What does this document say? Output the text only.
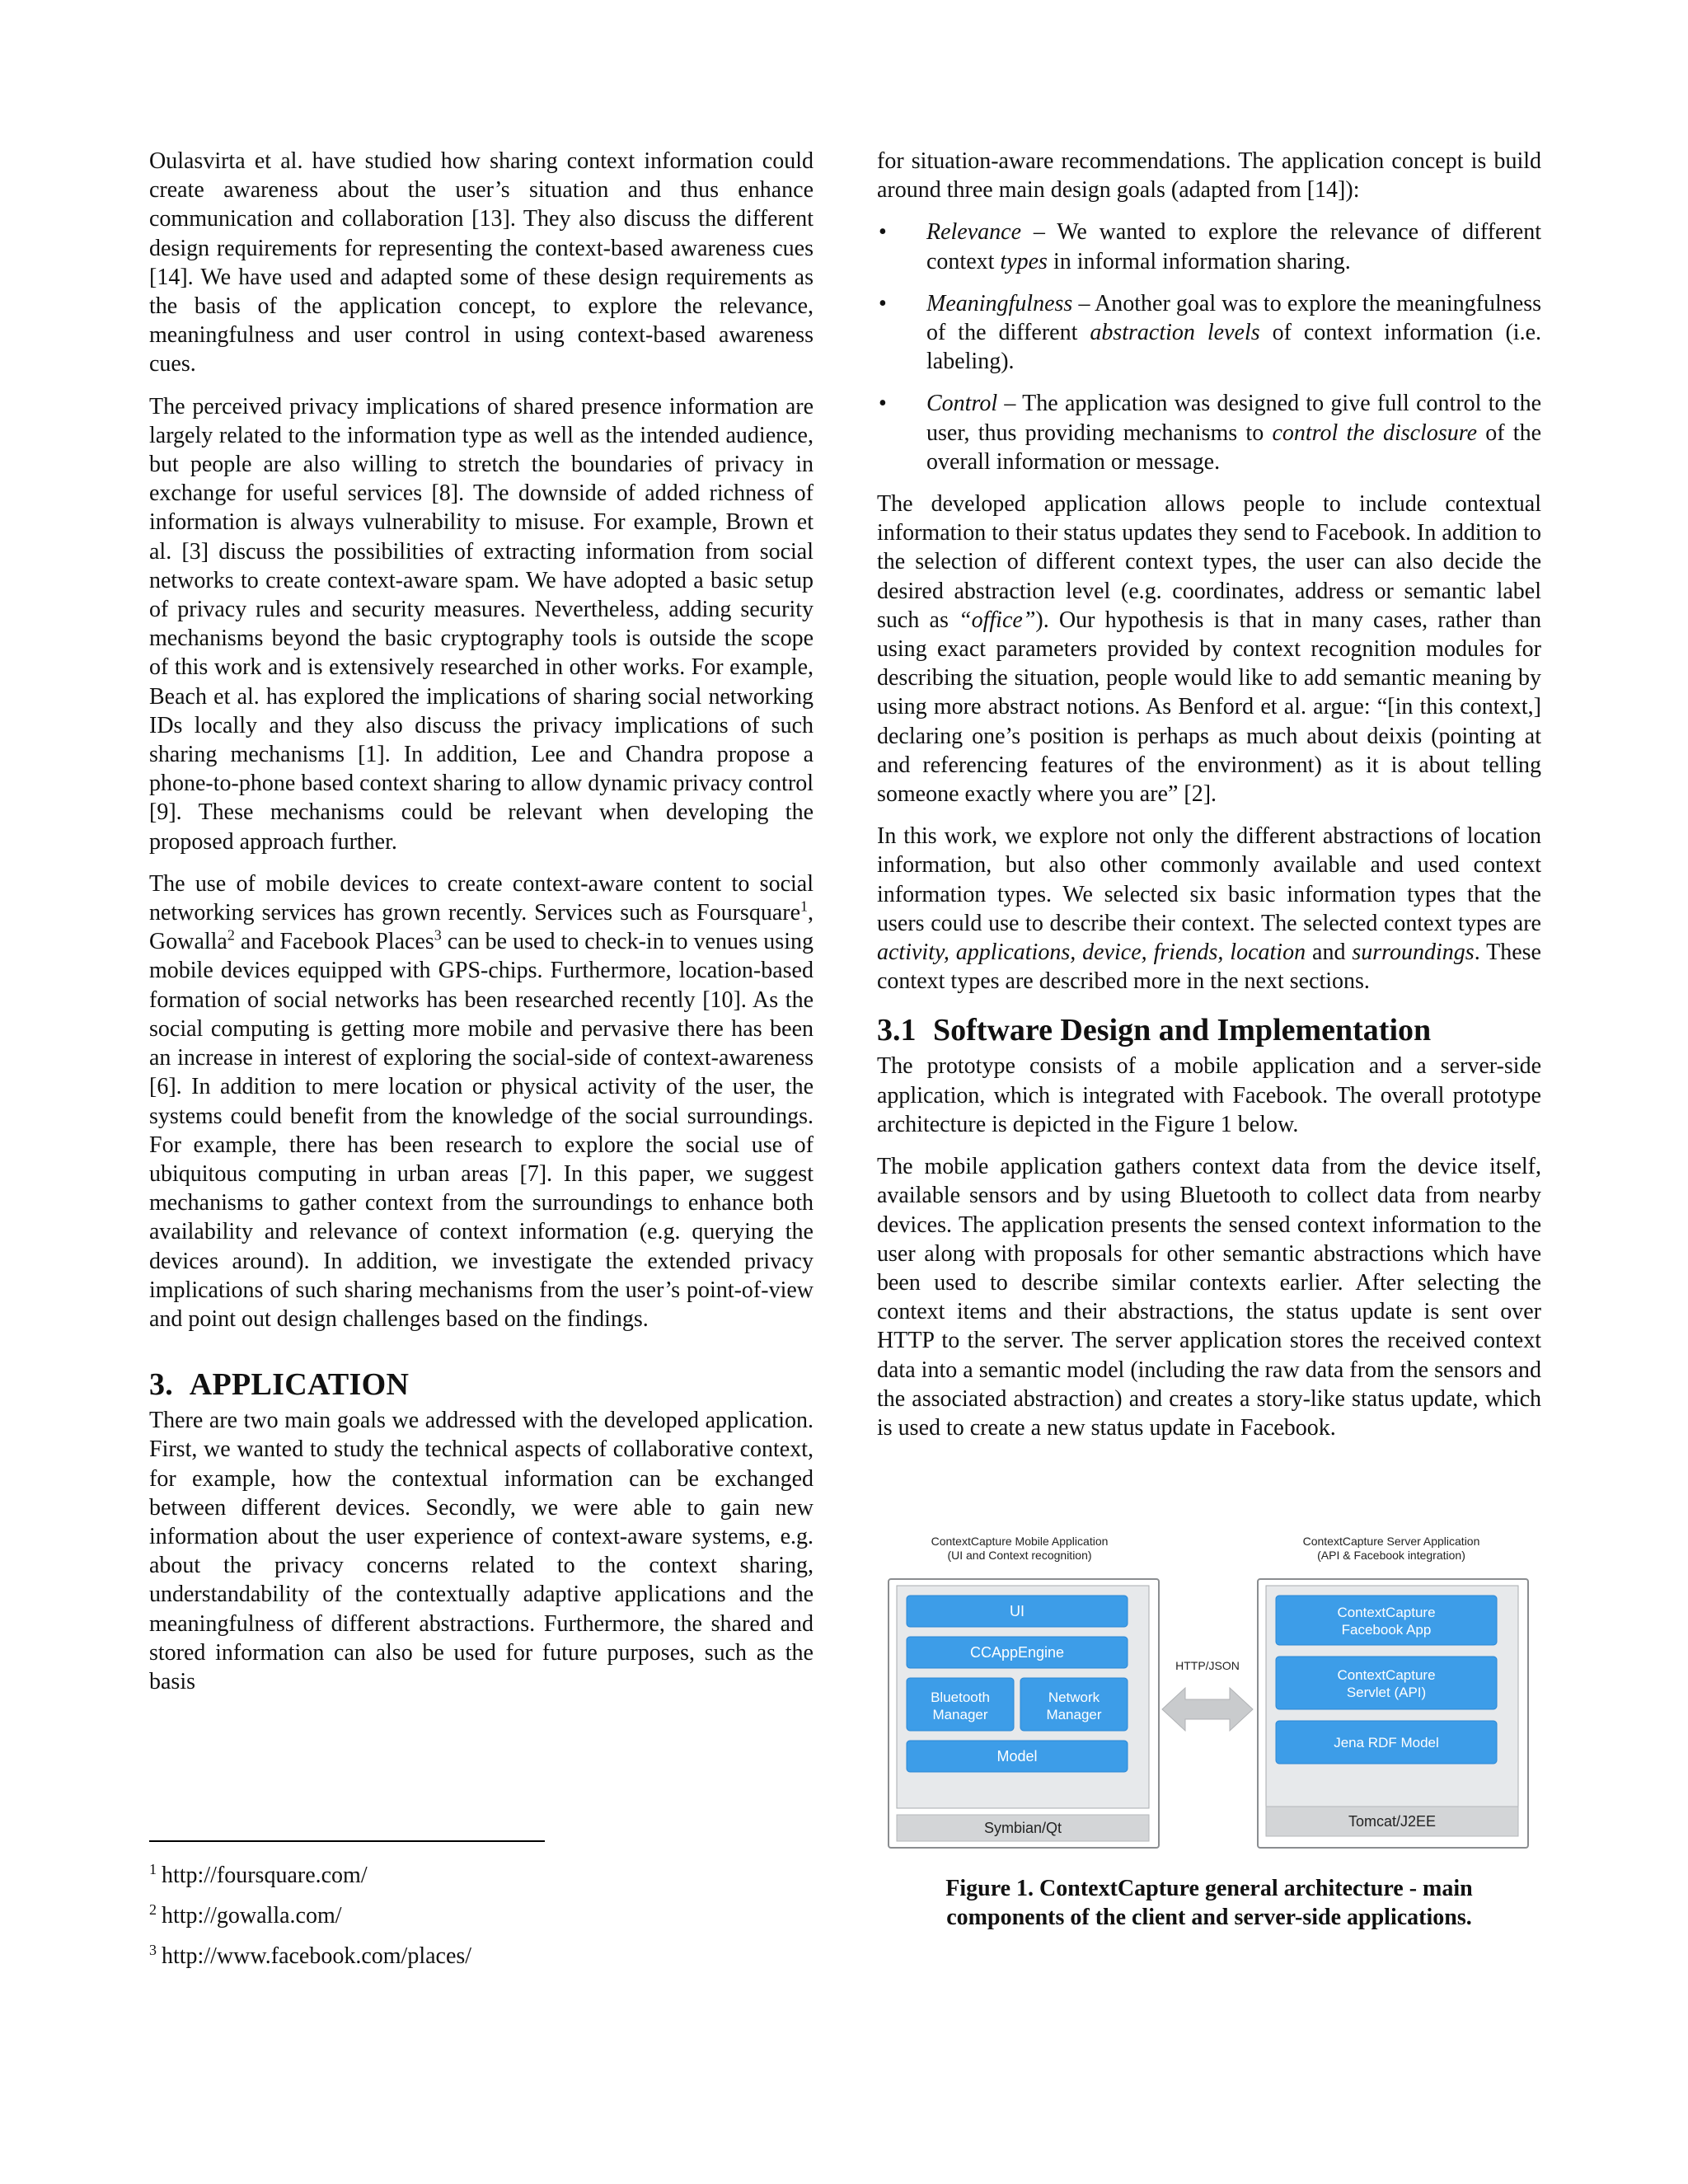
Oulasvirta et al. have studied how sharing context information could create awareness about the user’s situation and thus enhance communication and collaboration [13]. They also discuss the different design requirements for representing the context-based awareness cues [14]. We have used and adapted some of these design requirements as the basis of the application concept, to explore the relevance, meaningfulness and user control in using context-based awareness cues.

The perceived privacy implications of shared presence information are largely related to the information type as well as the intended audience, but people are also willing to stretch the boundaries of privacy in exchange for useful services [8]. The downside of added richness of information is always vulnerability to misuse. For example, Brown et al. [3] discuss the possibilities of extracting information from social networks to create context-aware spam. We have adopted a basic setup of privacy rules and security measures. Nevertheless, adding security mechanisms beyond the basic cryptography tools is outside the scope of this work and is extensively researched in other works. For example, Beach et al. has explored the implications of sharing social networking IDs locally and they also discuss the privacy implications of such sharing mechanisms [1]. In addition, Lee and Chandra propose a phone-to-phone based context sharing to allow dynamic privacy control [9]. These mechanisms could be relevant when developing the proposed approach further.

The use of mobile devices to create context-aware content to social networking services has grown recently. Services such as Foursquare$^1$, Gowalla$^2$ and Facebook Places$^3$ can be used to check-in to venues using mobile devices equipped with GPS-chips. Furthermore, location-based formation of social networks has been researched recently [10]. As the social computing is getting more mobile and pervasive there has been an increase in interest of exploring the social-side of context-awareness [6]. In addition to mere location or physical activity of the user, the systems could benefit from the knowledge of the social surroundings. For example, there has been research to explore the social use of ubiquitous computing in urban areas [7]. In this paper, we suggest mechanisms to gather context from the surroundings to enhance both availability and relevance of context information (e.g. querying the devices around). In addition, we investigate the extended privacy implications of such sharing mechanisms from the user’s point-of-view and point out design challenges based on the findings.

3.  APPLICATION

There are two main goals we addressed with the developed application. First, we wanted to study the technical aspects of collaborative context, for example, how the contextual information can be exchanged between different devices. Secondly, we were able to gain new information about the user experience of context-aware systems, e.g. about the privacy concerns related to the context sharing, understandability of the contextually adaptive applications and the meaningfulness of different abstractions. Furthermore, the shared and stored information can also be used for future purposes, such as the basis

for situation-aware recommendations. The application concept is build around three main design goals (adapted from [14]):

• Relevance – We wanted to explore the relevance of different context types in informal information sharing.
• Meaningfulness – Another goal was to explore the meaningfulness of the different abstraction levels of context information (i.e. labeling).
• Control – The application was designed to give full control to the user, thus providing mechanisms to control the disclosure of the overall information or message.

The developed application allows people to include contextual information to their status updates they send to Facebook. In addition to the selection of different context types, the user can also decide the desired abstraction level (e.g. coordinates, address or semantic label such as “office”). Our hypothesis is that in many cases, rather than using exact parameters provided by context recognition modules for describing the situation, people would like to add semantic meaning by using more abstract notions. As Benford et al. argue: “[in this context,] declaring one’s position is perhaps as much about deixis (pointing at and referencing features of the environment) as it is about telling someone exactly where you are” [2].

In this work, we explore not only the different abstractions of location information, but also other commonly available and used context information types. We selected six basic information types that the users could use to describe their context. The selected context types are activity, applications, device, friends, location and surroundings. These context types are described more in the next sections.

3.1 Software Design and Implementation

The prototype consists of a mobile application and a server-side application, which is integrated with Facebook. The overall prototype architecture is depicted in the Figure 1 below.

The mobile application gathers context data from the device itself, available sensors and by using Bluetooth to collect data from nearby devices. The application presents the sensed context information to the user along with proposals for other semantic abstractions which have been used to describe similar contexts earlier. After selecting the context items and their abstractions, the status update is sent over HTTP to the server. The server application stores the received context data into a semantic model (including the raw data from the sensors and the associated abstraction) and creates a story-like status update, which is used to create a new status update in Facebook.

ContextCapture Mobile Application
(UI and Context recognition)
ContextCapture Server Application
(API & Facebook integration)
UI
CCAppEngine
Bluetooth
Manager
Network
Manager
Model
Symbian/Qt
HTTP/JSON
ContextCapture
Facebook App
ContextCapture
Servlet (API)
Jena RDF Model
Tomcat/J2EE
Figure 1. ContextCapture general architecture - main
components of the client and server-side applications.
$^1$ http://foursquare.com/
$^2$ http://gowalla.com/
$^3$ http://www.facebook.com/places/
